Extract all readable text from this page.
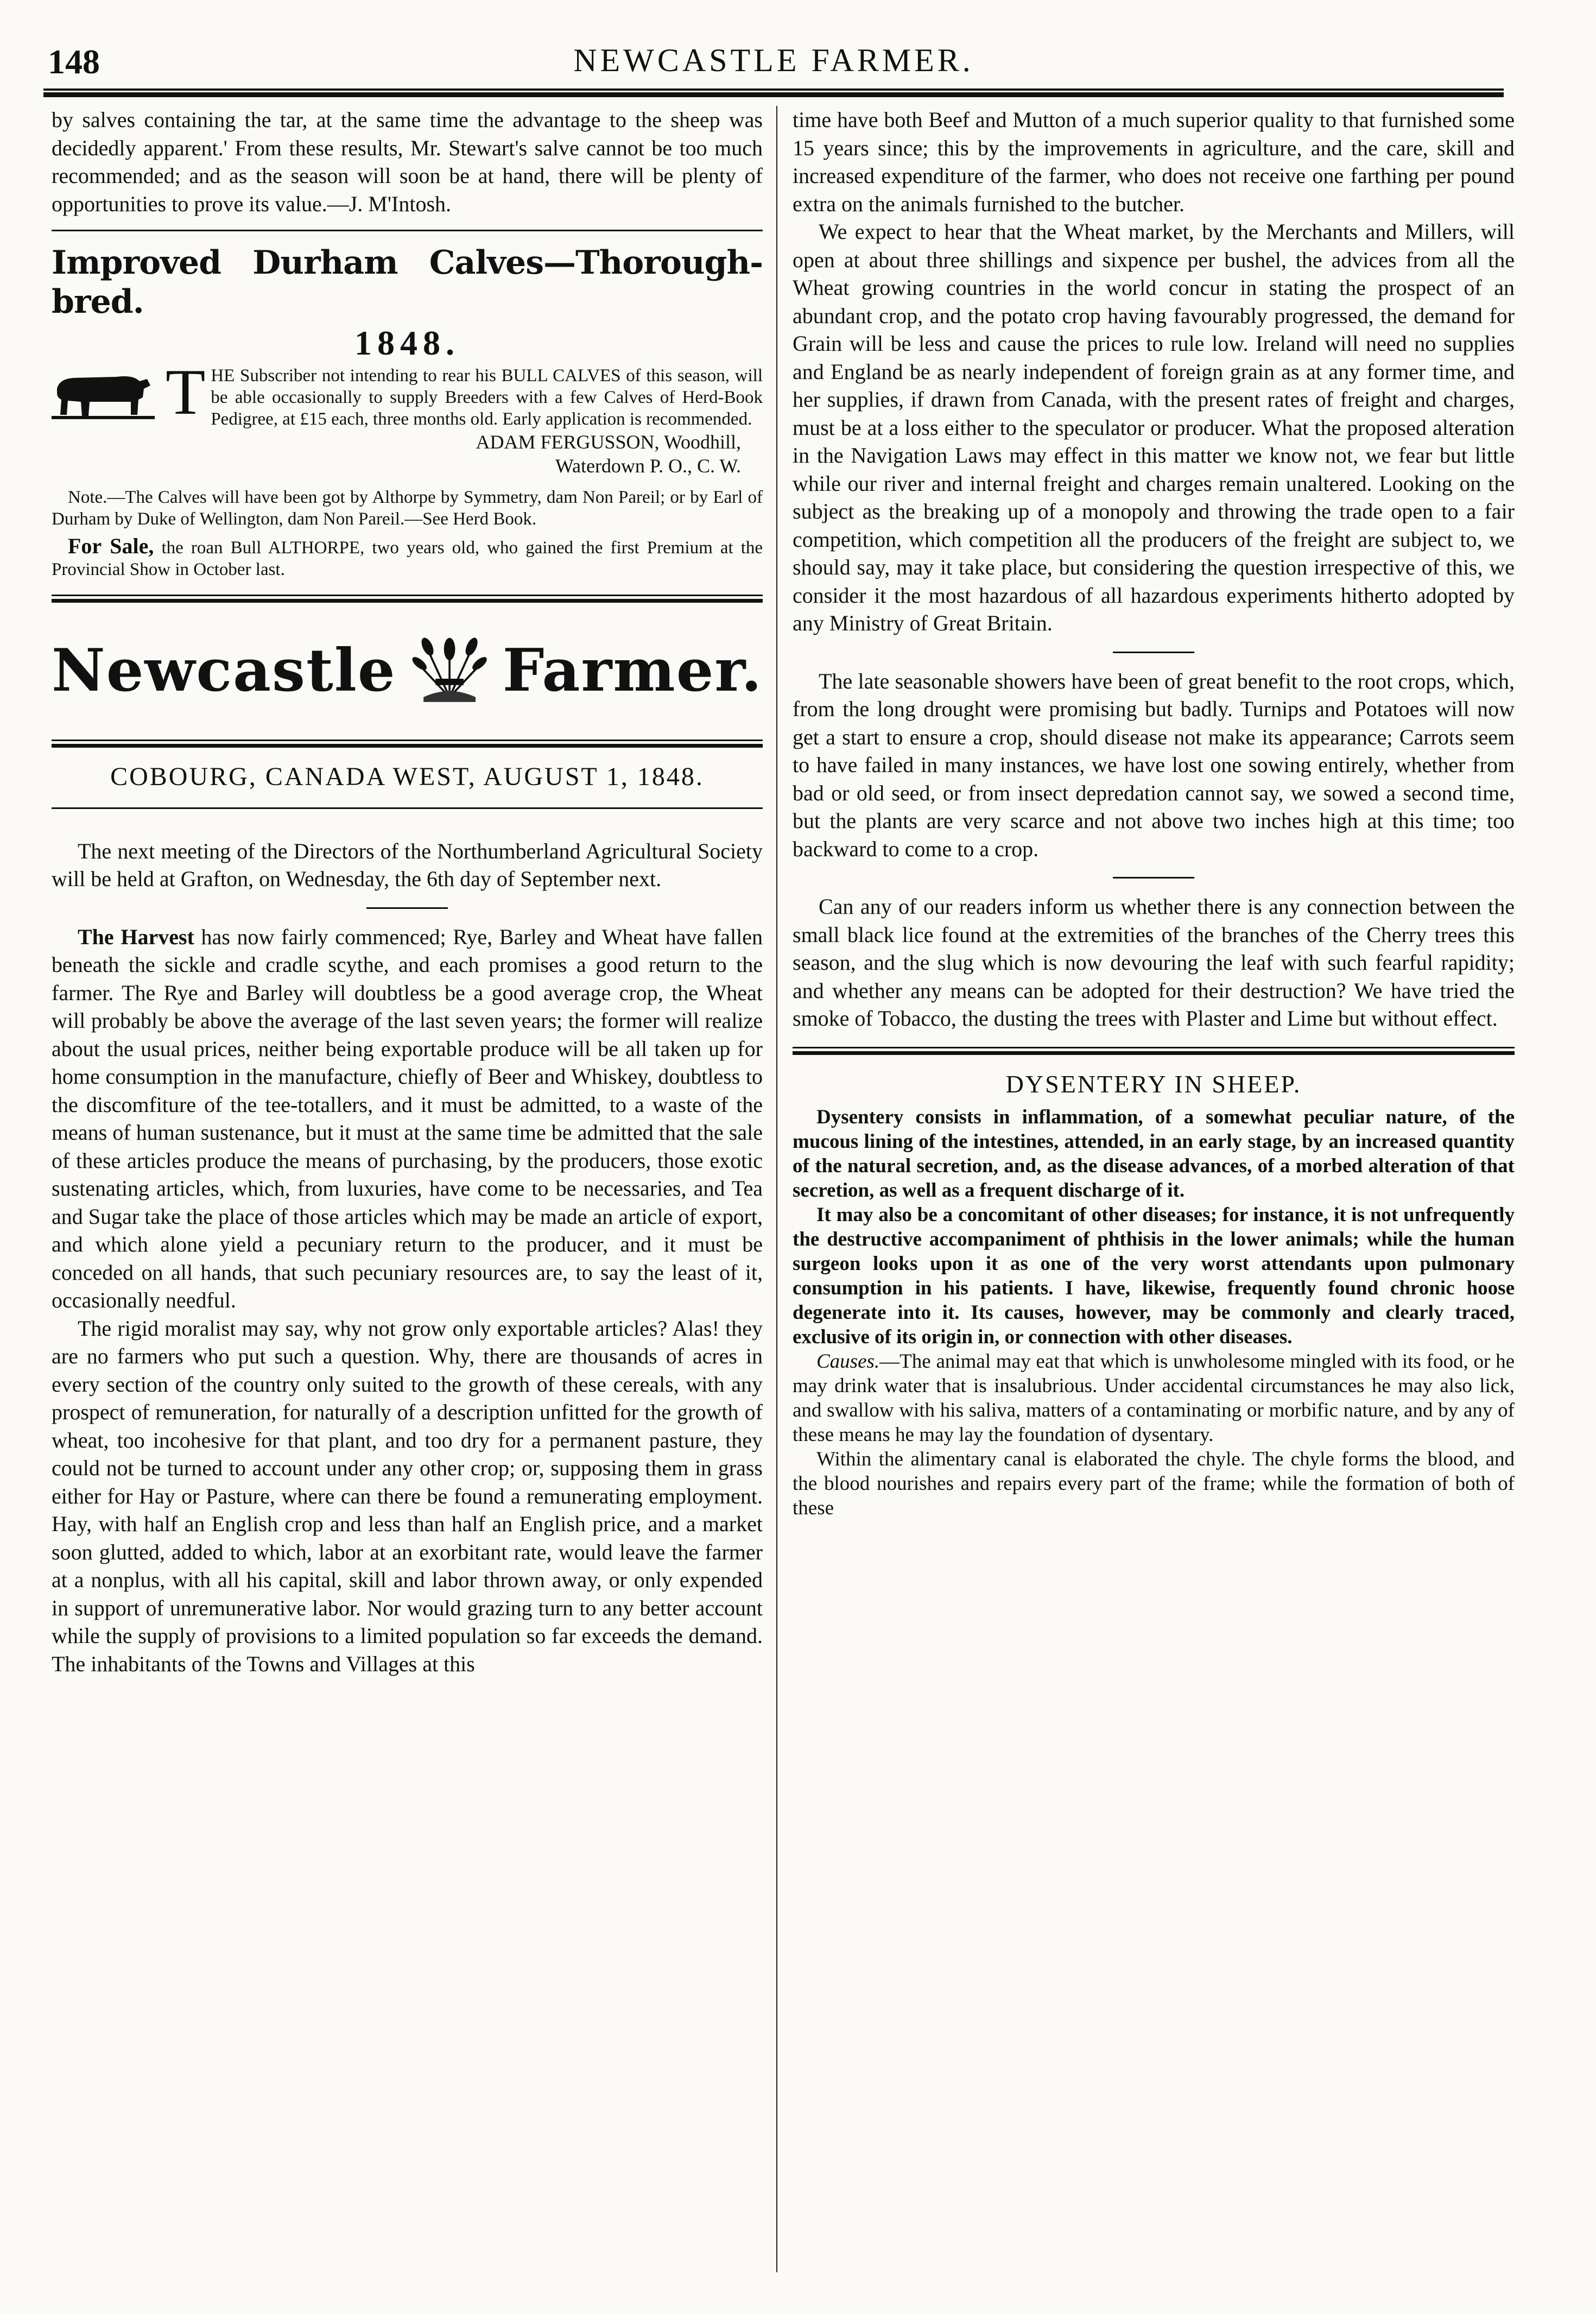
148	NEWCASTLE FARMER.

by salves containing the tar, at the same time the advantage to the sheep was decidedly apparent.' From these results, Mr. Stewart's salve cannot be too much recommended; and as the season will soon be at hand, there will be plenty of opportunities to prove its value.—J. M'Intosh.

Improved Durham Calves—Thorough-bred.
1848.
T HE Subscriber not intending to rear his BULL CALVES of this season, will be able occasionally to supply Breeders with a few Calves of Herd-Book Pedigree, at £15 each, three months old. Early application is recommended.
ADAM FERGUSSON, Woodhill,
Waterdown P. O., C. W.

Note.—The Calves will have been got by Althorpe by Symmetry, dam Non Pareil; or by Earl of Durham by Duke of Wellington, dam Non Pareil.—See Herd Book.

For Sale, the roan Bull ALTHORPE, two years old, who gained the first Premium at the Provincial Show in October last.

Newcastle Farmer.
COBOURG, CANADA WEST, AUGUST 1, 1848.

The next meeting of the Directors of the Northumberland Agricultural Society will be held at Grafton, on Wednesday, the 6th day of September next.

The Harvest has now fairly commenced; Rye, Barley and Wheat have fallen beneath the sickle and cradle scythe, and each promises a good return to the farmer. The Rye and Barley will doubtless be a good average crop, the Wheat will probably be above the average of the last seven years; the former will realize about the usual prices, neither being exportable produce will be all taken up for home consumption in the manufacture, chiefly of Beer and Whiskey, doubtless to the discomfiture of the tee-totallers, and it must be admitted, to a waste of the means of human sustenance, but it must at the same time be admitted that the sale of these articles produce the means of purchasing, by the producers, those exotic sustenating articles, which, from luxuries, have come to be necessaries, and Tea and Sugar take the place of those articles which may be made an article of export, and which alone yield a pecuniary return to the producer, and it must be conceded on all hands, that such pecuniary resources are, to say the least of it, occasionally needful.

The rigid moralist may say, why not grow only exportable articles? Alas! they are no farmers who put such a question. Why, there are thousands of acres in every section of the country only suited to the growth of these cereals, with any prospect of remuneration, for naturally of a description unfitted for the growth of wheat, too incohesive for that plant, and too dry for a permanent pasture, they could not be turned to account under any other crop; or, supposing them in grass either for Hay or Pasture, where can there be found a remunerating employment. Hay, with half an English crop and less than half an English price, and a market soon glutted, added to which, labor at an exorbitant rate, would leave the farmer at a nonplus, with all his capital, skill and labor thrown away, or only expended in support of unremunerative labor. Nor would grazing turn to any better account while the supply of provisions to a limited population so far exceeds the demand. The inhabitants of the Towns and Villages at this

time have both Beef and Mutton of a much superior quality to that furnished some 15 years since; this by the improvements in agriculture, and the care, skill and increased expenditure of the farmer, who does not receive one farthing per pound extra on the animals furnished to the butcher.

We expect to hear that the Wheat market, by the Merchants and Millers, will open at about three shillings and sixpence per bushel, the advices from all the Wheat growing countries in the world concur in stating the prospect of an abundant crop, and the potato crop having favourably progressed, the demand for Grain will be less and cause the prices to rule low. Ireland will need no supplies and England be as nearly independent of foreign grain as at any former time, and her supplies, if drawn from Canada, with the present rates of freight and charges, must be at a loss either to the speculator or producer. What the proposed alteration in the Navigation Laws may effect in this matter we know not, we fear but little while our river and internal freight and charges remain unaltered. Looking on the subject as the breaking up of a monopoly and throwing the trade open to a fair competition, which competition all the producers of the freight are subject to, we should say, may it take place, but considering the question irrespective of this, we consider it the most hazardous of all hazardous experiments hitherto adopted by any Ministry of Great Britain.

The late seasonable showers have been of great benefit to the root crops, which, from the long drought were promising but badly. Turnips and Potatoes will now get a start to ensure a crop, should disease not make its appearance; Carrots seem to have failed in many instances, we have lost one sowing entirely, whether from bad or old seed, or from insect depredation cannot say, we sowed a second time, but the plants are very scarce and not above two inches high at this time; too backward to come to a crop.

Can any of our readers inform us whether there is any connection between the small black lice found at the extremities of the branches of the Cherry trees this season, and the slug which is now devouring the leaf with such fearful rapidity; and whether any means can be adopted for their destruction? We have tried the smoke of Tobacco, the dusting the trees with Plaster and Lime but without effect.

DYSENTERY IN SHEEP.

Dysentery consists in inflammation, of a somewhat peculiar nature, of the mucous lining of the intestines, attended, in an early stage, by an increased quantity of the natural secretion, and, as the disease advances, of a morbed alteration of that secretion, as well as a frequent discharge of it.

It may also be a concomitant of other diseases; for instance, it is not unfrequently the destructive accompaniment of phthisis in the lower animals; while the human surgeon looks upon it as one of the very worst attendants upon pulmonary consumption in his patients. I have, likewise, frequently found chronic hoose degenerate into it. Its causes, however, may be commonly and clearly traced, exclusive of its origin in, or connection with other diseases.

Causes.—The animal may eat that which is unwholesome mingled with its food, or he may drink water that is insalubrious. Under accidental circumstances he may also lick, and swallow with his saliva, matters of a contaminating or morbific nature, and by any of these means he may lay the foundation of dysentary.

Within the alimentary canal is elaborated the chyle. The chyle forms the blood, and the blood nourishes and repairs every part of the frame; while the formation of both of these
